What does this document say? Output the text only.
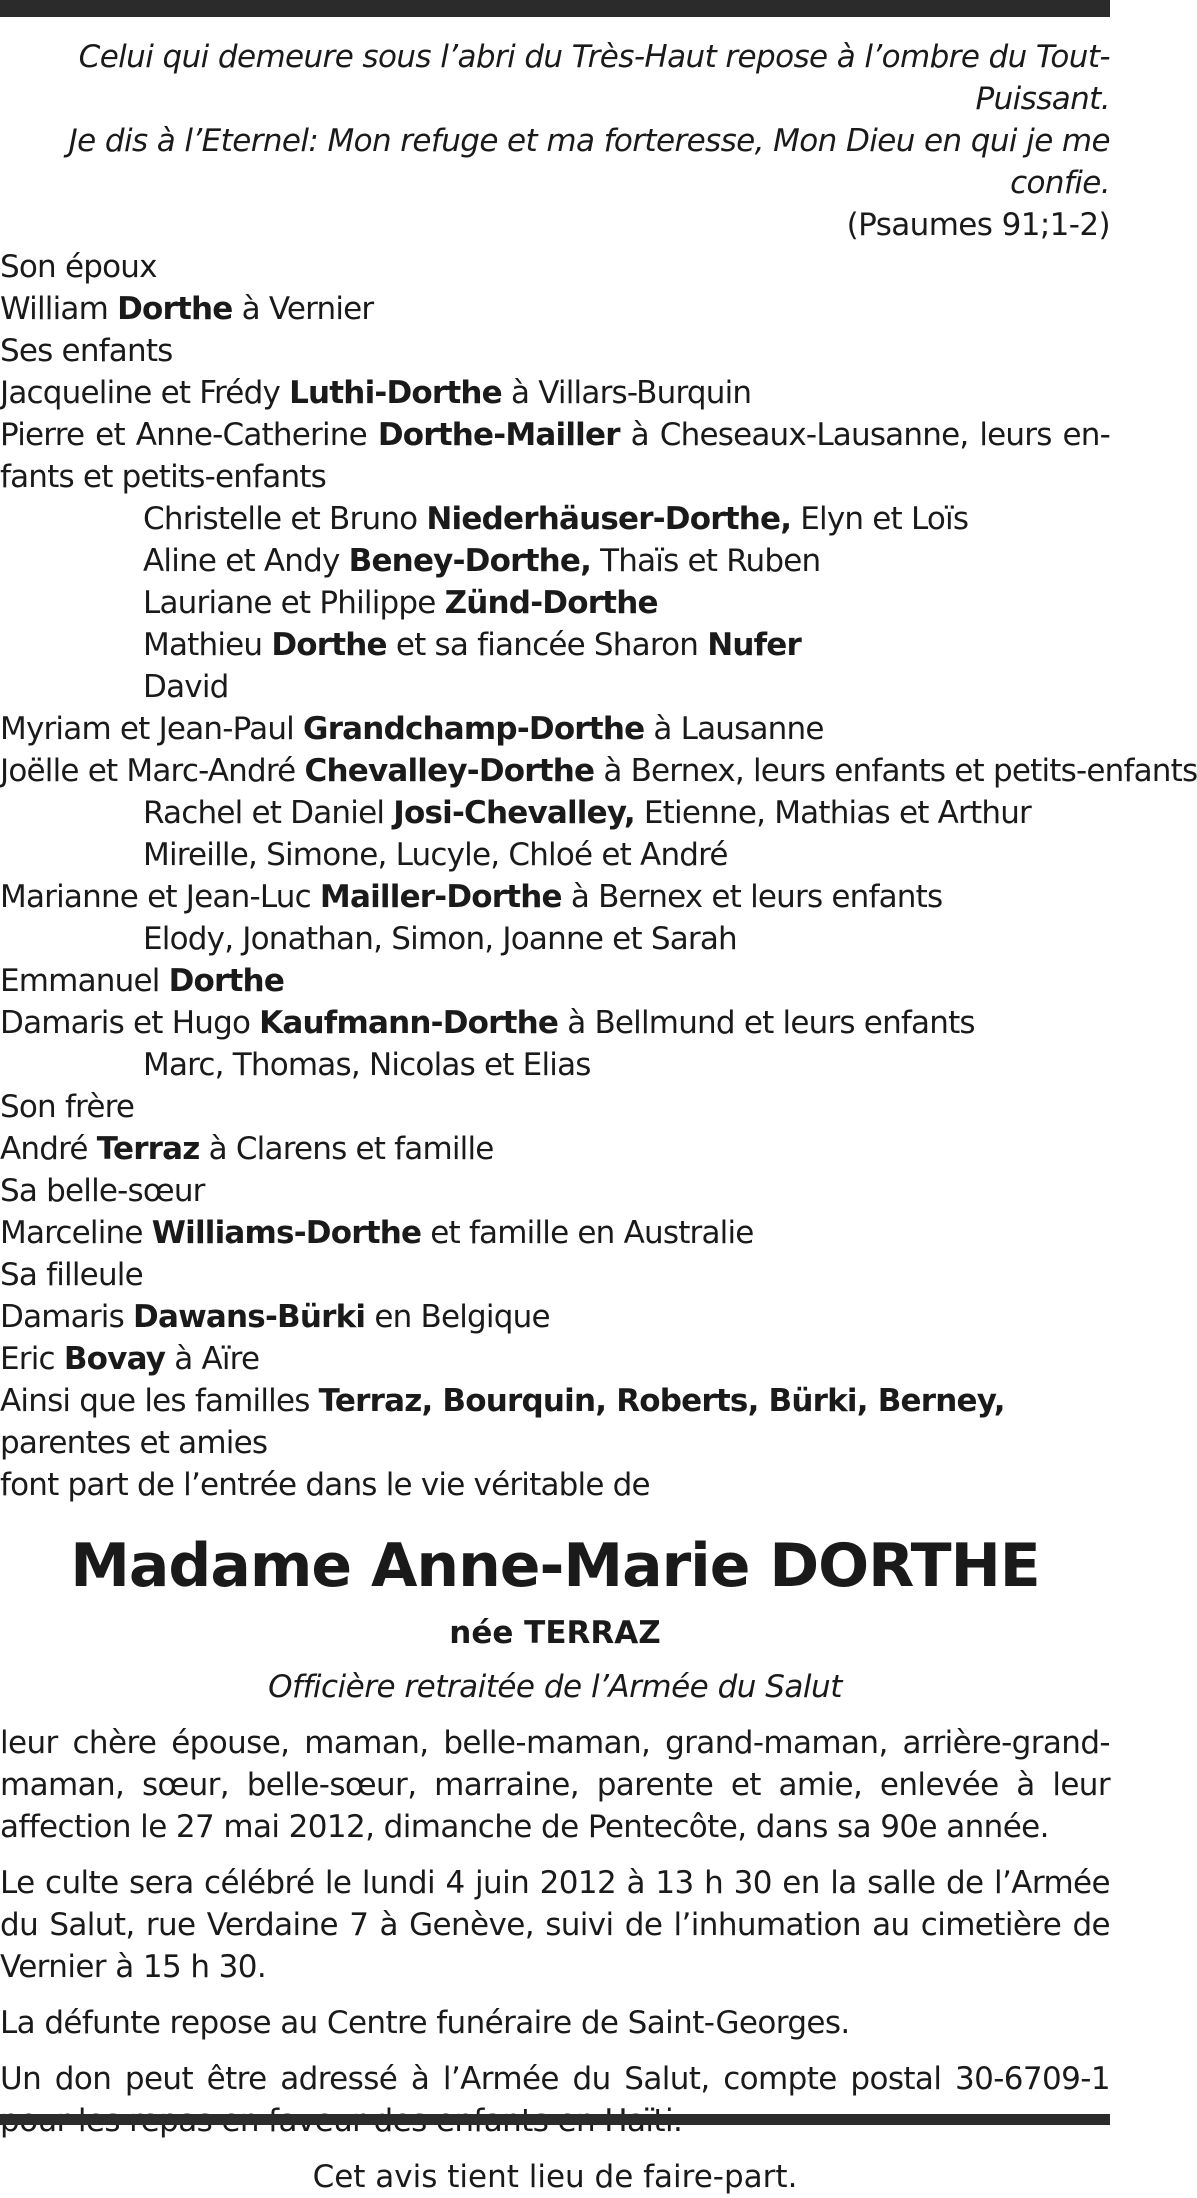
Celui qui demeure sous l’abri du Très-Haut repose à l’ombre du Tout-Puissant.
Je dis à l’Eternel: Mon refuge et ma forteresse, Mon Dieu en qui je me confie.
(Psaumes 91;1-2)
Son époux
William Dorthe à Vernier
Ses enfants
Jacqueline et Frédy Luthi-Dorthe à Villars-Burquin
Pierre et Anne-Catherine Dorthe-Mailler à Cheseaux-Lausanne, leurs en-
fants et petits-enfants
Christelle et Bruno Niederhäuser-Dorthe, Elyn et Loïs
Aline et Andy Beney-Dorthe, Thaïs et Ruben
Lauriane et Philippe Zünd-Dorthe
Mathieu Dorthe et sa fiancée Sharon Nufer
David
Myriam et Jean-Paul Grandchamp-Dorthe à Lausanne
Joëlle et Marc-André Chevalley-Dorthe à Bernex, leurs enfants et petits-enfants
Rachel et Daniel Josi-Chevalley, Etienne, Mathias et Arthur
Mireille, Simone, Lucyle, Chloé et André
Marianne et Jean-Luc Mailler-Dorthe à Bernex et leurs enfants
Elody, Jonathan, Simon, Joanne et Sarah
Emmanuel Dorthe
Damaris et Hugo Kaufmann-Dorthe à Bellmund et leurs enfants
Marc, Thomas, Nicolas et Elias
Son frère
André Terraz à Clarens et famille
Sa belle-sœur
Marceline Williams-Dorthe et famille en Australie
Sa filleule
Damaris Dawans-Bürki en Belgique
Eric Bovay à Aïre
Ainsi que les familles Terraz, Bourquin, Roberts, Bürki, Berney,
parentes et amies
font part de l’entrée dans le vie véritable de
Madame Anne-Marie DORTHE
née TERRAZ
Officière retraitée de l’Armée du Salut
leur chère épouse, maman, belle-maman, grand-maman, arrière-grand-maman, sœur, belle-sœur, marraine, parente et amie, enlevée à leur affection le 27 mai 2012, dimanche de Pentecôte, dans sa 90e année.
Le culte sera célébré le lundi 4 juin 2012 à 13 h 30 en la salle de l’Armée du Salut, rue Verdaine 7 à Genève, suivi de l’inhumation au cimetière de Vernier à 15 h 30.
La défunte repose au Centre funéraire de Saint-Georges.
Un don peut être adressé à l’Armée du Salut, compte postal 30-6709-1
Cet avis tient lieu de faire-part.
